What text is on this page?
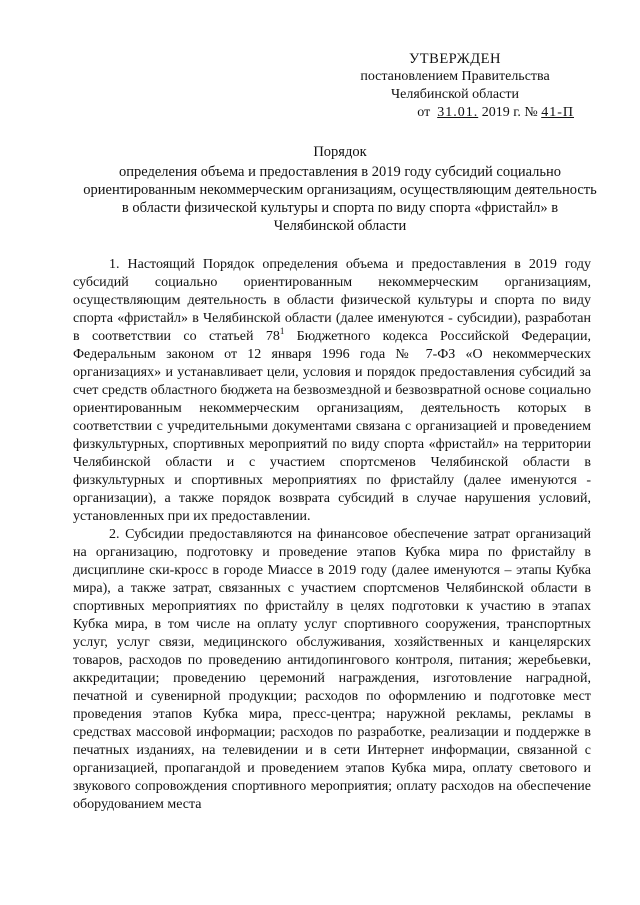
УТВЕРЖДЕН
постановлением Правительства
Челябинской области
от 31.01. 2019 г. № 41-П
Порядок
определения объема и предоставления в 2019 году субсидий социально ориентированным некоммерческим организациям, осуществляющим деятельность в области физической культуры и спорта по виду спорта «фристайл» в Челябинской области

1. Настоящий Порядок определения объема и предоставления в 2019 году субсидий социально ориентированным некоммерческим организациям, осуществляющим деятельность в области физической культуры и спорта по виду спорта «фристайл» в Челябинской области (далее именуются - субсидии), разработан в соответствии со статьей $78^1$ Бюджетного кодекса Российской Федерации, Федеральным законом от 12 января 1996 года № 7-ФЗ «О некоммерческих организациях» и устанавливает цели, условия и порядок предоставления субсидий за счет средств областного бюджета на безвозмездной и безвозвратной основе социально ориентированным некоммерческим организациям, деятельность которых в соответствии с учредительными документами связана с организацией и проведением физкультурных, спортивных мероприятий по виду спорта «фристайл» на территории Челябинской области и с участием спортсменов Челябинской области в физкультурных и спортивных мероприятиях по фристайлу (далее именуются - организации), а также порядок возврата субсидий в случае нарушения условий, установленных при их предоставлении.

2. Субсидии предоставляются на финансовое обеспечение затрат организаций на организацию, подготовку и проведение этапов Кубка мира по фристайлу в дисциплине ски-кросс в городе Миассе в 2019 году (далее именуются – этапы Кубка мира), а также затрат, связанных с участием спортсменов Челябинской области в спортивных мероприятиях по фристайлу в целях подготовки к участию в этапах Кубка мира, в том числе на оплату услуг спортивного сооружения, транспортных услуг, услуг связи, медицинского обслуживания, хозяйственных и канцелярских товаров, расходов по проведению антидопингового контроля, питания; жеребьевки, аккредитации; проведению церемоний награждения, изготовление наградной, печатной и сувенирной продукции; расходов по оформлению и подготовке мест проведения этапов Кубка мира, пресс-центра; наружной рекламы, рекламы в средствах массовой информации; расходов по разработке, реализации и поддержке в печатных изданиях, на телевидении и в сети Интернет информации, связанной с организацией, пропагандой и проведением этапов Кубка мира, оплату светового и звукового сопровождения спортивного мероприятия; оплату расходов на обеспечение оборудованием места
